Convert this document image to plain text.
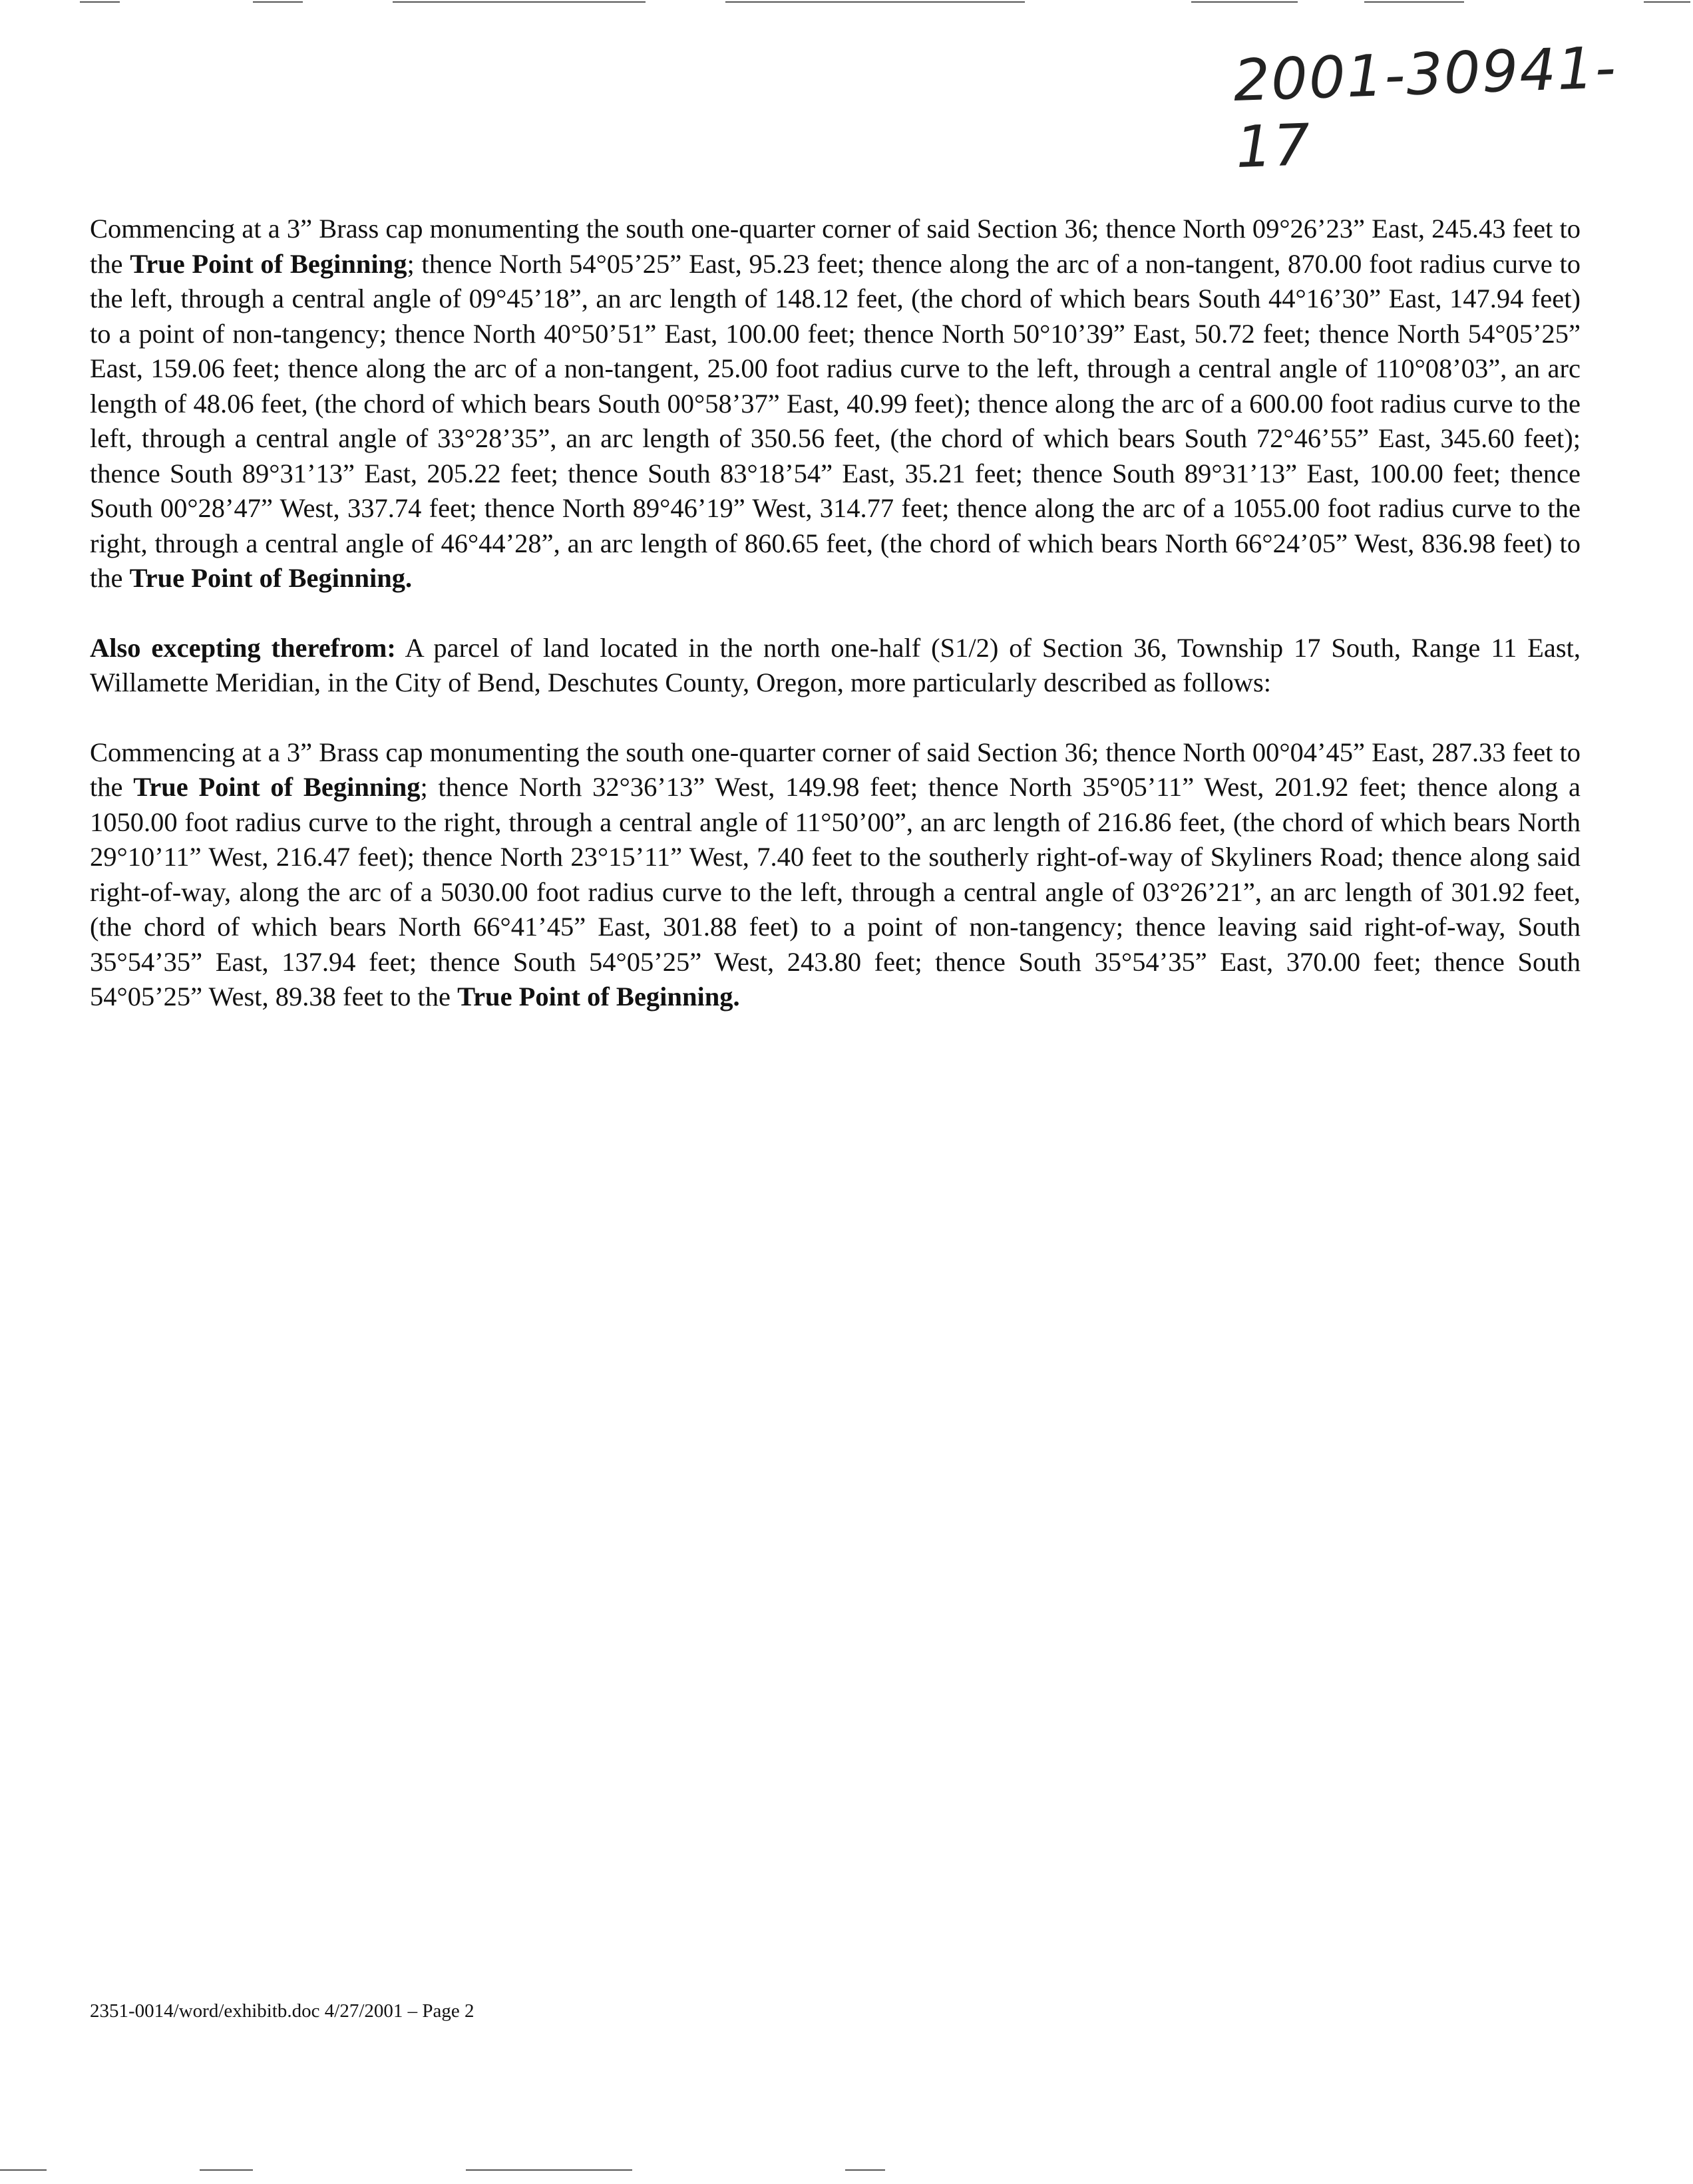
2001-30941-17

Commencing at a 3” Brass cap monumenting the south one-quarter corner of said Section 36; thence North 09°26’23” East, 245.43 feet to the True Point of Beginning; thence North 54°05’25” East, 95.23 feet; thence along the arc of a non-tangent, 870.00 foot radius curve to the left, through a central angle of 09°45’18”, an arc length of 148.12 feet, (the chord of which bears South 44°16’30” East, 147.94 feet) to a point of non-tangency; thence North 40°50’51” East, 100.00 feet; thence North 50°10’39” East, 50.72 feet; thence North 54°05’25” East, 159.06 feet; thence along the arc of a non-tangent, 25.00 foot radius curve to the left, through a central angle of 110°08’03”, an arc length of 48.06 feet, (the chord of which bears South 00°58’37” East, 40.99 feet); thence along the arc of a 600.00 foot radius curve to the left, through a central angle of 33°28’35”, an arc length of 350.56 feet, (the chord of which bears South 72°46’55” East, 345.60 feet); thence South 89°31’13” East, 205.22 feet; thence South 83°18’54” East, 35.21 feet; thence South 89°31’13” East, 100.00 feet; thence South 00°28’47” West, 337.74 feet; thence North 89°46’19” West, 314.77 feet; thence along the arc of a 1055.00 foot radius curve to the right, through a central angle of 46°44’28”, an arc length of 860.65 feet, (the chord of which bears North 66°24’05” West, 836.98 feet) to the True Point of Beginning.

Also excepting therefrom: A parcel of land located in the north one-half (S1/2) of Section 36, Township 17 South, Range 11 East, Willamette Meridian, in the City of Bend, Deschutes County, Oregon, more particularly described as follows:

Commencing at a 3” Brass cap monumenting the south one-quarter corner of said Section 36; thence North 00°04’45” East, 287.33 feet to the True Point of Beginning; thence North 32°36’13” West, 149.98 feet; thence North 35°05’11” West, 201.92 feet; thence along a 1050.00 foot radius curve to the right, through a central angle of 11°50’00”, an arc length of 216.86 feet, (the chord of which bears North 29°10’11” West, 216.47 feet); thence North 23°15’11” West, 7.40 feet to the southerly right-of-way of Skyliners Road; thence along said right-of-way, along the arc of a 5030.00 foot radius curve to the left, through a central angle of 03°26’21”, an arc length of 301.92 feet, (the chord of which bears North 66°41’45” East, 301.88 feet) to a point of non-tangency; thence leaving said right-of-way, South 35°54’35” East, 137.94 feet; thence South 54°05’25” West, 243.80 feet; thence South 35°54’35” East, 370.00 feet; thence South 54°05’25” West, 89.38 feet to the True Point of Beginning.

2351-0014/word/exhibitb.doc 4/27/2001 – Page 2
